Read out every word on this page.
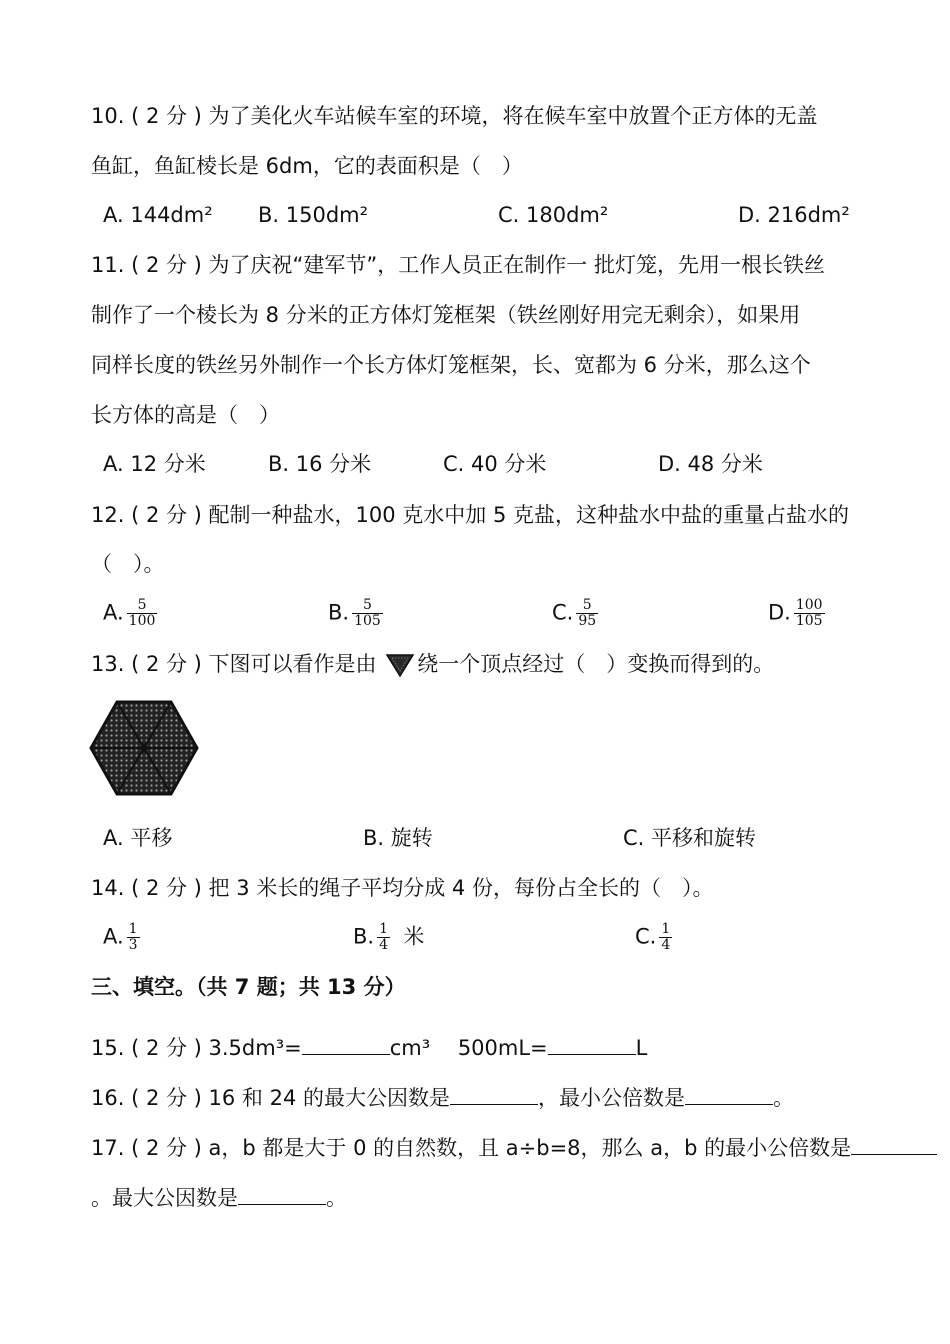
10. ( 2 分 ) 为了美化火车站候车室的环境，将在候车室中放置个正方体的无盖
鱼缸，鱼缸棱长是 6dm，它的表面积是（　）
A. 144dm² B. 150dm²	C. 180dm²	D. 216dm²
11. ( 2 分 ) 为了庆祝“建军节”，工作人员正在制作一 批灯笼，先用一根长铁丝
制作了一个棱长为 8 分米的正方体灯笼框架（铁丝刚好用完无剩余），如果用
同样长度的铁丝另外制作一个长方体灯笼框架，长、宽都为 6 分米，那么这个
长方体的高是（　）
A. 12 分米	B. 16 分米	C. 40 分米	D. 48 分米
12. ( 2 分 ) 配制一种盐水，100 克水中加 5 克盐，这种盐水中盐的重量占盐水的
（　）。
A. $\frac{5}{100}$	B. $\frac{5}{105}$	C. $\frac{5}{95}$	D. $\frac{100}{105}$
13. ( 2 分 ) 下图可以看作是由 绕一个顶点经过（　）变换而得到的。
A. 平移	B. 旋转	C. 平移和旋转
14. ( 2 分 ) 把 3 米长的绳子平均分成 4 份，每份占全长的（　）。
A. $\frac{1}{3}$	B. $\frac{1}{4}$ 米	C. $\frac{1}{4}$
三、填空。（共 7 题；共 13 分）
15. ( 2 分 ) 3.5dm³=	cm³　 500mL=	L
16. ( 2 分 ) 16 和 24 的最大公因数是	，最小公倍数是	。
17. ( 2 分 ) a，b 都是大于 0 的自然数，且 a÷b=8，那么 a，b 的最小公倍数是
。最大公因数是	。
